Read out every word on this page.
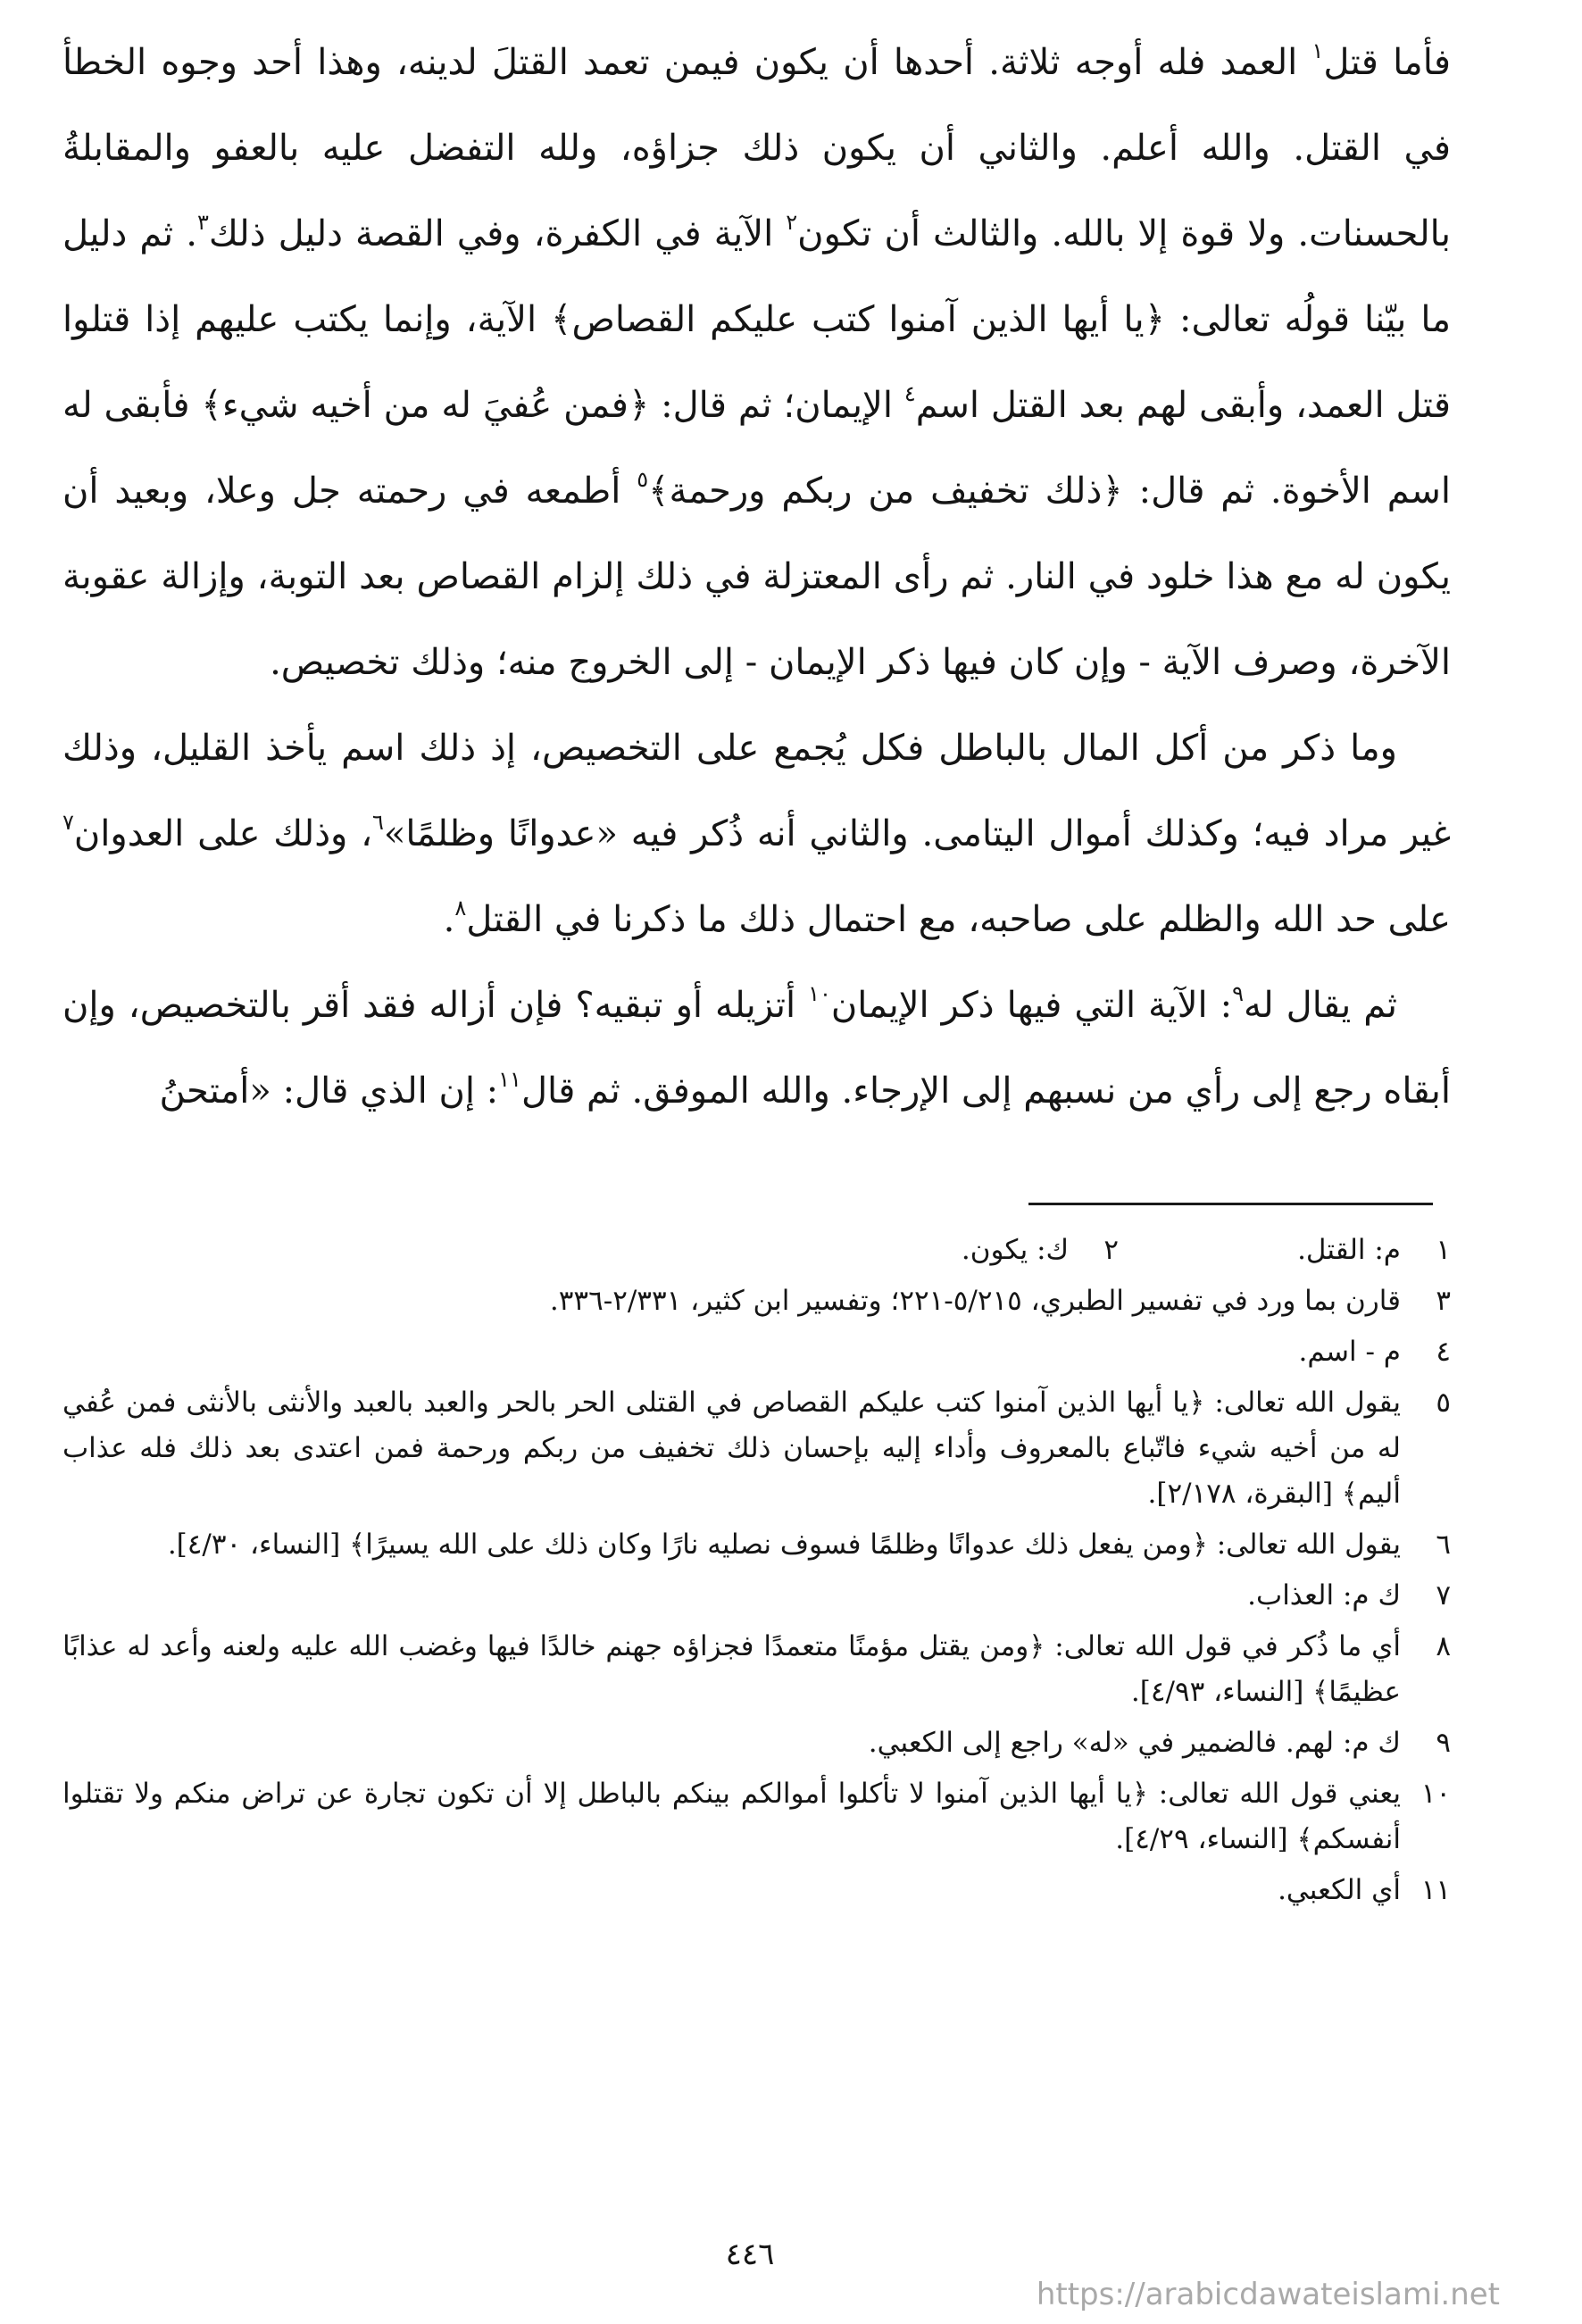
فأما قتل$^١$ العمد فله أوجه ثلاثة. أحدها أن يكون فيمن تعمد القتلَ لدينه، وهذا أحد وجوه الخطأ في القتل. والله أعلم. والثاني أن يكون ذلك جزاؤه، ولله التفضل عليه بالعفو والمقابلةُ بالحسنات. ولا قوة إلا بالله. والثالث أن تكون$^٢$ الآية في الكفرة، وفي القصة دليل ذلك$^٣$. ثم دليل ما بيّنا قولُه تعالى: ﴿يا أيها الذين آمنوا كتب عليكم القصاص﴾ الآية، وإنما يكتب عليهم إذا قتلوا قتل العمد، وأبقى لهم بعد القتل اسم$^٤$ الإيمان؛ ثم قال: ﴿فمن عُفيَ له من أخيه شيء﴾ فأبقى له اسم الأخوة. ثم قال: ﴿ذلك تخفيف من ربكم ورحمة﴾$^٥$ أطمعه في رحمته جل وعلا، وبعيد أن يكون له مع هذا خلود في النار. ثم رأى المعتزلة في ذلك إلزام القصاص بعد التوبة، وإزالة عقوبة الآخرة، وصرف الآية - وإن كان فيها ذكر الإيمان - إلى الخروج منه؛ وذلك تخصيص.

وما ذكر من أكل المال بالباطل فكل يُجمع على التخصيص، إذ ذلك اسم يأخذ القليل، وذلك غير مراد فيه؛ وكذلك أموال اليتامى. والثاني أنه ذُكر فيه «عدوانًا وظلمًا»$^٦$، وذلك على العدوان$^٧$ على حد الله والظلم على صاحبه، مع احتمال ذلك ما ذكرنا في القتل$^٨$.

ثم يقال له$^٩$: الآية التي فيها ذكر الإيمان$^{١٠}$ أتزيله أو تبقيه؟ فإن أزاله فقد أقر بالتخصيص، وإن أبقاه رجع إلى رأي من نسبهم إلى الإرجاء. والله الموفق. ثم قال$^{١١}$: إن الذي قال: «أمتحنُ

١
م: القتل.
٢
ك: يكون.
٣
قارن بما ورد في تفسير الطبري، ٥/٢١٥-٢٢١؛ وتفسير ابن كثير، ٢/٣٣١-٣٣٦.
٤
م - اسم.
٥
يقول الله تعالى: ﴿يا أيها الذين آمنوا كتب عليكم القصاص في القتلى الحر بالحر والعبد بالعبد والأنثى بالأنثى فمن عُفي له من أخيه شيء فاتّباع بالمعروف وأداء إليه بإحسان ذلك تخفيف من ربكم ورحمة فمن اعتدى بعد ذلك فله عذاب أليم﴾ [البقرة، ٢/١٧٨].
٦
يقول الله تعالى: ﴿ومن يفعل ذلك عدوانًا وظلمًا فسوف نصليه نارًا وكان ذلك على الله يسيرًا﴾ [النساء، ٤/٣٠].
٧
ك م: العذاب.
٨
أي ما ذُكر في قول الله تعالى: ﴿ومن يقتل مؤمنًا متعمدًا فجزاؤه جهنم خالدًا فيها وغضب الله عليه ولعنه وأعد له عذابًا عظيمًا﴾ [النساء، ٤/٩٣].
٩
ك م: لهم. فالضمير في «له» راجع إلى الكعبي.
١٠
يعني قول الله تعالى: ﴿يا أيها الذين آمنوا لا تأكلوا أموالكم بينكم بالباطل إلا أن تكون تجارة عن تراض منكم ولا تقتلوا أنفسكم﴾ [النساء، ٤/٢٩].
١١
أي الكعبي.
٤٤٦
https://arabicdawateislami.net
